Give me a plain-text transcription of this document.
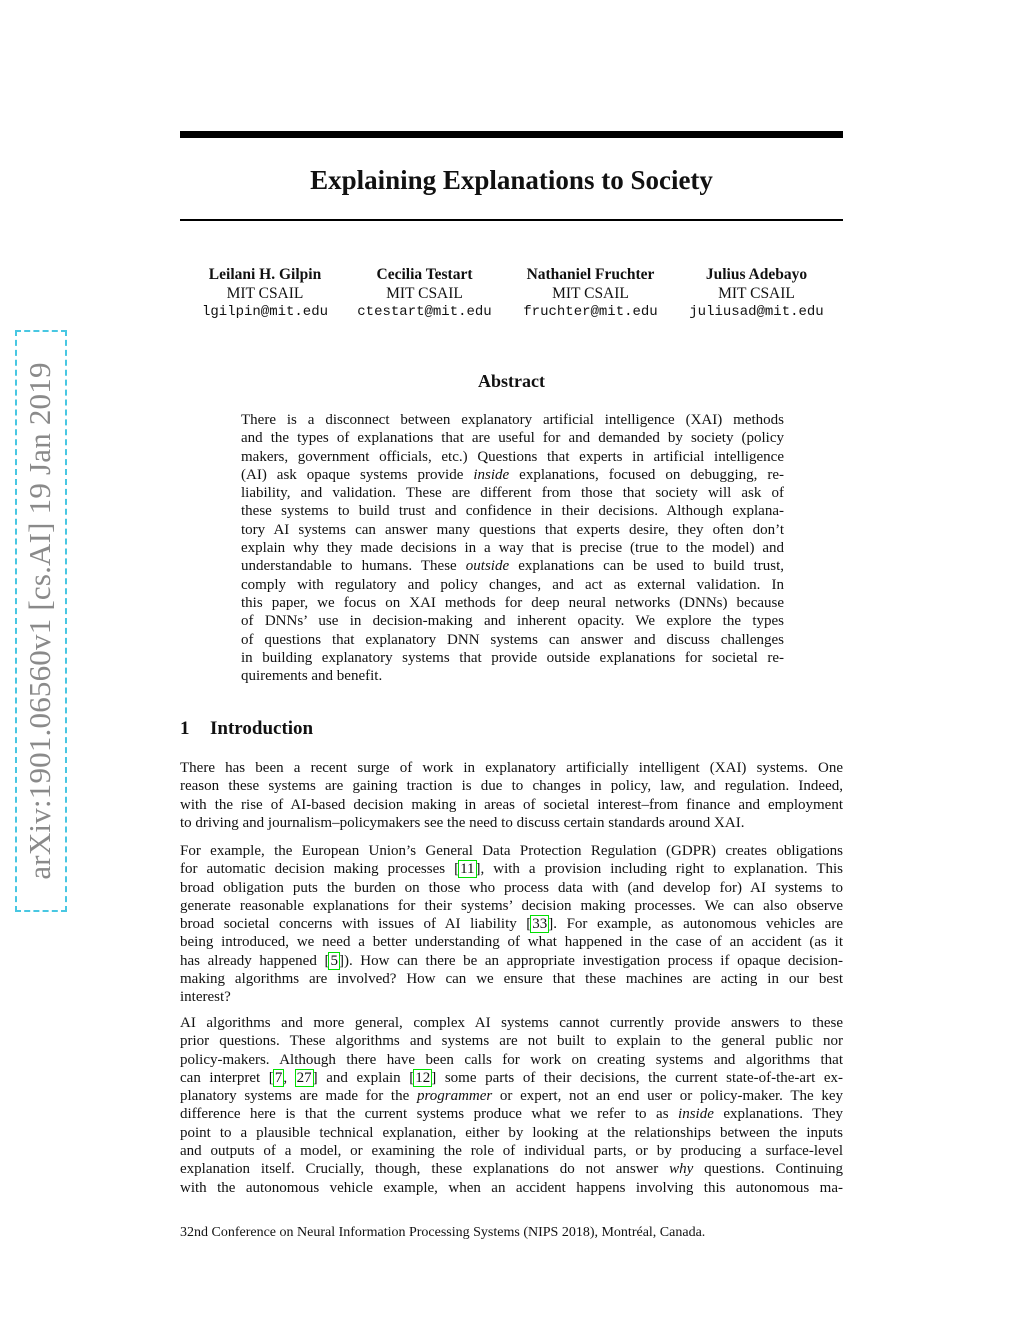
arXiv:1901.06560v1 [cs.AI] 19 Jan 2019
Explaining Explanations to Society
Leilani H. Gilpin
MIT CSAIL
lgilpin@mit.edu
Cecilia Testart
MIT CSAIL
ctestart@mit.edu
Nathaniel Fruchter
MIT CSAIL
fruchter@mit.edu
Julius Adebayo
MIT CSAIL
juliusad@mit.edu
Abstract
There is a disconnect between explanatory artificial intelligence (XAI) methods
and the types of explanations that are useful for and demanded by society (policy
makers, government officials, etc.) Questions that experts in artificial intelligence
(AI) ask opaque systems provide inside explanations, focused on debugging, re-
liability, and validation. These are different from those that society will ask of
these systems to build trust and confidence in their decisions. Although explana-
tory AI systems can answer many questions that experts desire, they often don’t
explain why they made decisions in a way that is precise (true to the model) and
understandable to humans. These outside explanations can be used to build trust,
comply with regulatory and policy changes, and act as external validation. In
this paper, we focus on XAI methods for deep neural networks (DNNs) because
of DNNs’ use in decision-making and inherent opacity. We explore the types
of questions that explanatory DNN systems can answer and discuss challenges
in building explanatory systems that provide outside explanations for societal re-
quirements and benefit.
1 Introduction
There has been a recent surge of work in explanatory artificially intelligent (XAI) systems. One
reason these systems are gaining traction is due to changes in policy, law, and regulation. Indeed,
with the rise of AI-based decision making in areas of societal interest–from finance and employment
to driving and journalism–policymakers see the need to discuss certain standards around XAI.
For example, the European Union’s General Data Protection Regulation (GDPR) creates obligations
for automatic decision making processes [11], with a provision including right to explanation. This
broad obligation puts the burden on those who process data with (and develop for) AI systems to
generate reasonable explanations for their systems’ decision making processes. We can also observe
broad societal concerns with issues of AI liability [33]. For example, as autonomous vehicles are
being introduced, we need a better understanding of what happened in the case of an accident (as it
has already happened [5]). How can there be an appropriate investigation process if opaque decision-
making algorithms are involved? How can we ensure that these machines are acting in our best
interest?
AI algorithms and more general, complex AI systems cannot currently provide answers to these
prior questions. These algorithms and systems are not built to explain to the general public nor
policy-makers. Although there have been calls for work on creating systems and algorithms that
can interpret [7, 27] and explain [12] some parts of their decisions, the current state-of-the-art ex-
planatory systems are made for the programmer or expert, not an end user or policy-maker. The key
difference here is that the current systems produce what we refer to as inside explanations. They
point to a plausible technical explanation, either by looking at the relationships between the inputs
and outputs of a model, or examining the role of individual parts, or by producing a surface-level
explanation itself. Crucially, though, these explanations do not answer why questions. Continuing
with the autonomous vehicle example, when an accident happens involving this autonomous ma-
32nd Conference on Neural Information Processing Systems (NIPS 2018), Montréal, Canada.
